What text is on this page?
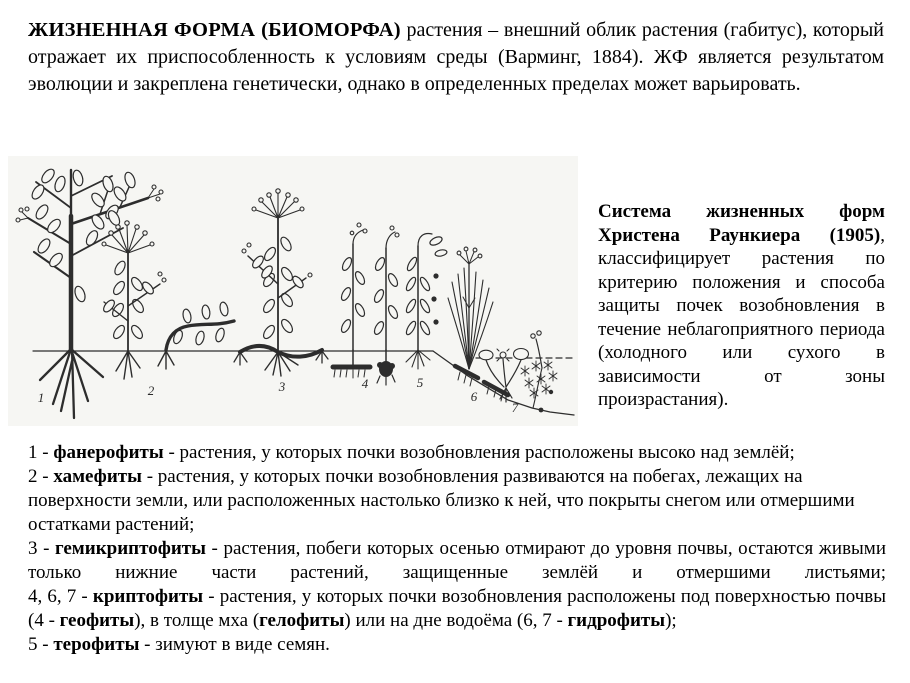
ЖИЗНЕННАЯ ФОРМА (БИОМОРФА) растения – внешний облик растения (габитус), который отражает их приспособленность к условиям среды (Варминг, 1884). ЖФ является результатом эволюции и закреплена генетически, однако в определенных пределах может варьировать.

1	2	3	4	5
6
7

Система жизненных форм Христена Раункиера (1905), классифицирует растения по критерию положения и способа защиты почек возобновления в течение неблагоприятного периода (холодного или сухого в зависимости от зоны произрастания).

1 - фанерофиты - растения, у которых почки возобновления расположены высоко над землёй;

2 - хамефиты - растения, у которых почки возобновления развиваются на побегах, лежащих на поверхности земли, или расположенных настолько близко к ней, что покрыты снегом или отмершими остатками растений;

3 - гемикриптофиты - растения, побеги которых осенью отмирают до уровня почвы, остаются живыми только нижние части растений, защищенные землёй и отмершими листьями;

4, 6, 7 - криптофиты - растения, у которых почки возобновления расположены под поверхностью почвы (4 - геофиты), в толще мха (гелофиты) или на дне водоёма (6, 7 - гидрофиты);

5 - терофиты - зимуют в виде семян.
